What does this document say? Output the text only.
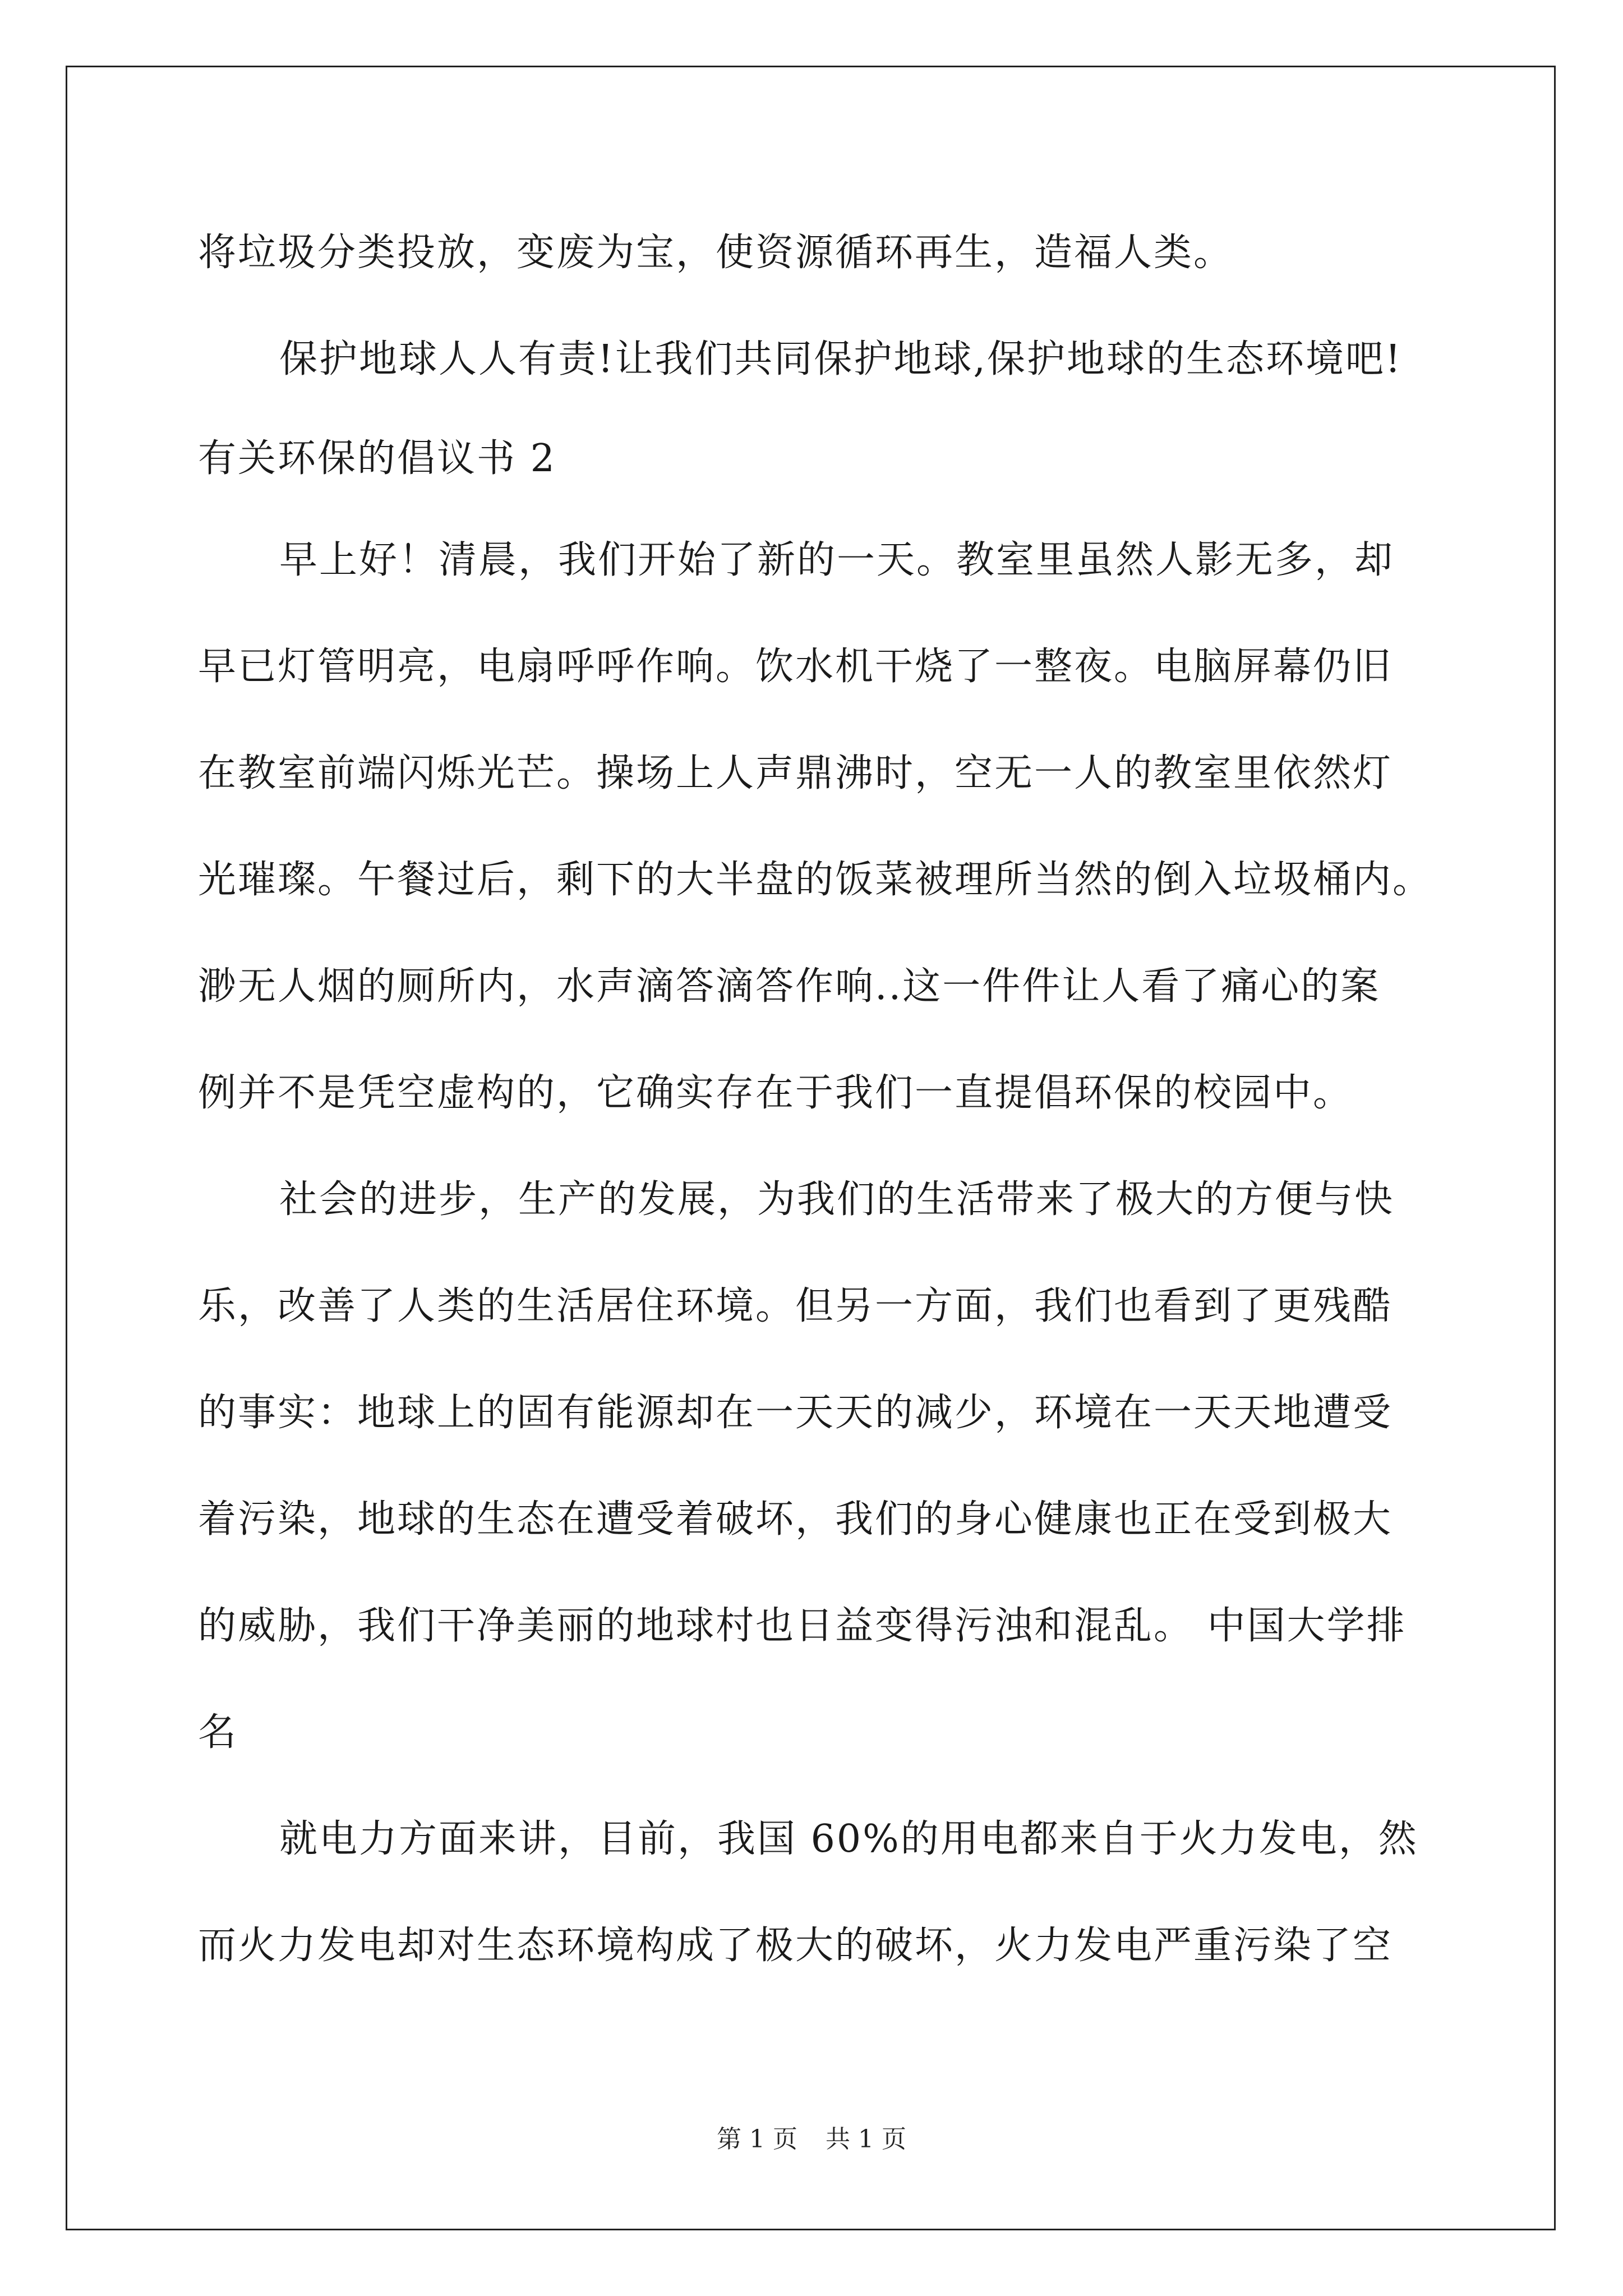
将垃圾分类投放，变废为宝，使资源循环再生，造福人类。
保护地球人人有责!让我们共同保护地球,保护地球的生态环境吧!
有关环保的倡议书 2
早上好！清晨，我们开始了新的一天。教室里虽然人影无多，却
早已灯管明亮，电扇呼呼作响。饮水机干烧了一整夜。电脑屏幕仍旧
在教室前端闪烁光芒。操场上人声鼎沸时，空无一人的教室里依然灯
光璀璨。午餐过后，剩下的大半盘的饭菜被理所当然的倒入垃圾桶内。
渺无人烟的厕所内，水声滴答滴答作响..这一件件让人看了痛心的案
例并不是凭空虚构的，它确实存在于我们一直提倡环保的校园中。
社会的进步，生产的发展，为我们的生活带来了极大的方便与快
乐，改善了人类的生活居住环境。但另一方面，我们也看到了更残酷
的事实：地球上的固有能源却在一天天的减少，环境在一天天地遭受
着污染，地球的生态在遭受着破坏，我们的身心健康也正在受到极大
的威胁，我们干净美丽的地球村也日益变得污浊和混乱。 中国大学排
名
就电力方面来讲，目前，我国 60%的用电都来自于火力发电，然
而火力发电却对生态环境构成了极大的破坏，火力发电严重污染了空
第 1 页 共 1 页
